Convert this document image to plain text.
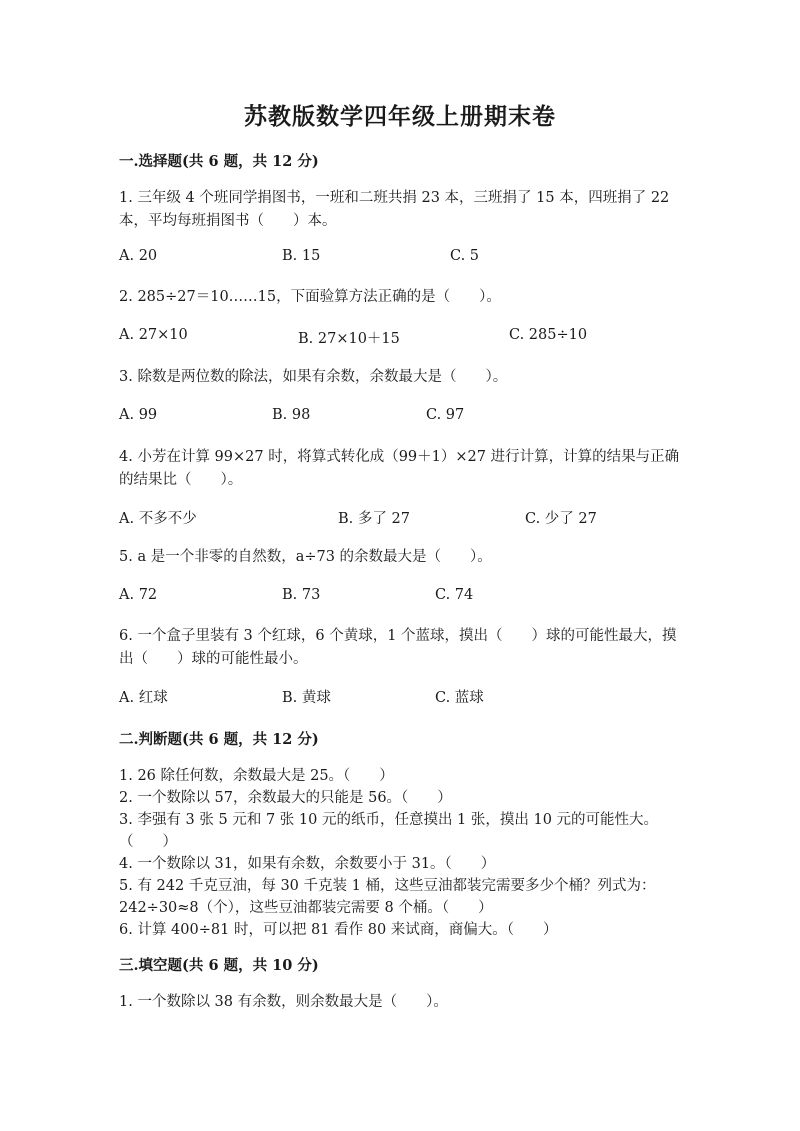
苏教版数学四年级上册期末卷
一.选择题(共 6 题，共 12 分)
1. 三年级 4 个班同学捐图书，一班和二班共捐 23 本，三班捐了 15 本，四班捐了 22 本，平均每班捐图书（　　）本。
A. 20	B. 15	C. 5
2. 285÷27＝10……15，下面验算方法正确的是（　　）。
A. 27×10	B. 27×10＋15	C. 285÷10
3. 除数是两位数的除法，如果有余数，余数最大是（　　）。
A. 99	B. 98	C. 97
4. 小芳在计算 99×27 时，将算式转化成（99＋1）×27 进行计算，计算的结果与正确的结果比（　　）。
A. 不多不少	B. 多了 27	C. 少了 27
5. a 是一个非零的自然数，a÷73 的余数最大是（　　）。
A. 72	B. 73	C. 74
6. 一个盒子里装有 3 个红球，6 个黄球，1 个蓝球，摸出（　　）球的可能性最大，摸出（　　）球的可能性最小。
A. 红球	B. 黄球	C. 蓝球
二.判断题(共 6 题，共 12 分)
1. 26 除任何数，余数最大是 25。（　　）
2. 一个数除以 57，余数最大的只能是 56。（　　）
3. 李强有 3 张 5 元和 7 张 10 元的纸币，任意摸出 1 张，摸出 10 元的可能性大。　　（　　）
4. 一个数除以 31，如果有余数，余数要小于 31。（　　）
5. 有 242 千克豆油，每 30 千克装 1 桶，这些豆油都装完需要多少个桶？列式为：242÷30≈8（个），这些豆油都装完需要 8 个桶。（　　）
6. 计算 400÷81 时，可以把 81 看作 80 来试商，商偏大。（　　）
三.填空题(共 6 题，共 10 分)
1. 一个数除以 38 有余数，则余数最大是（　　）。
